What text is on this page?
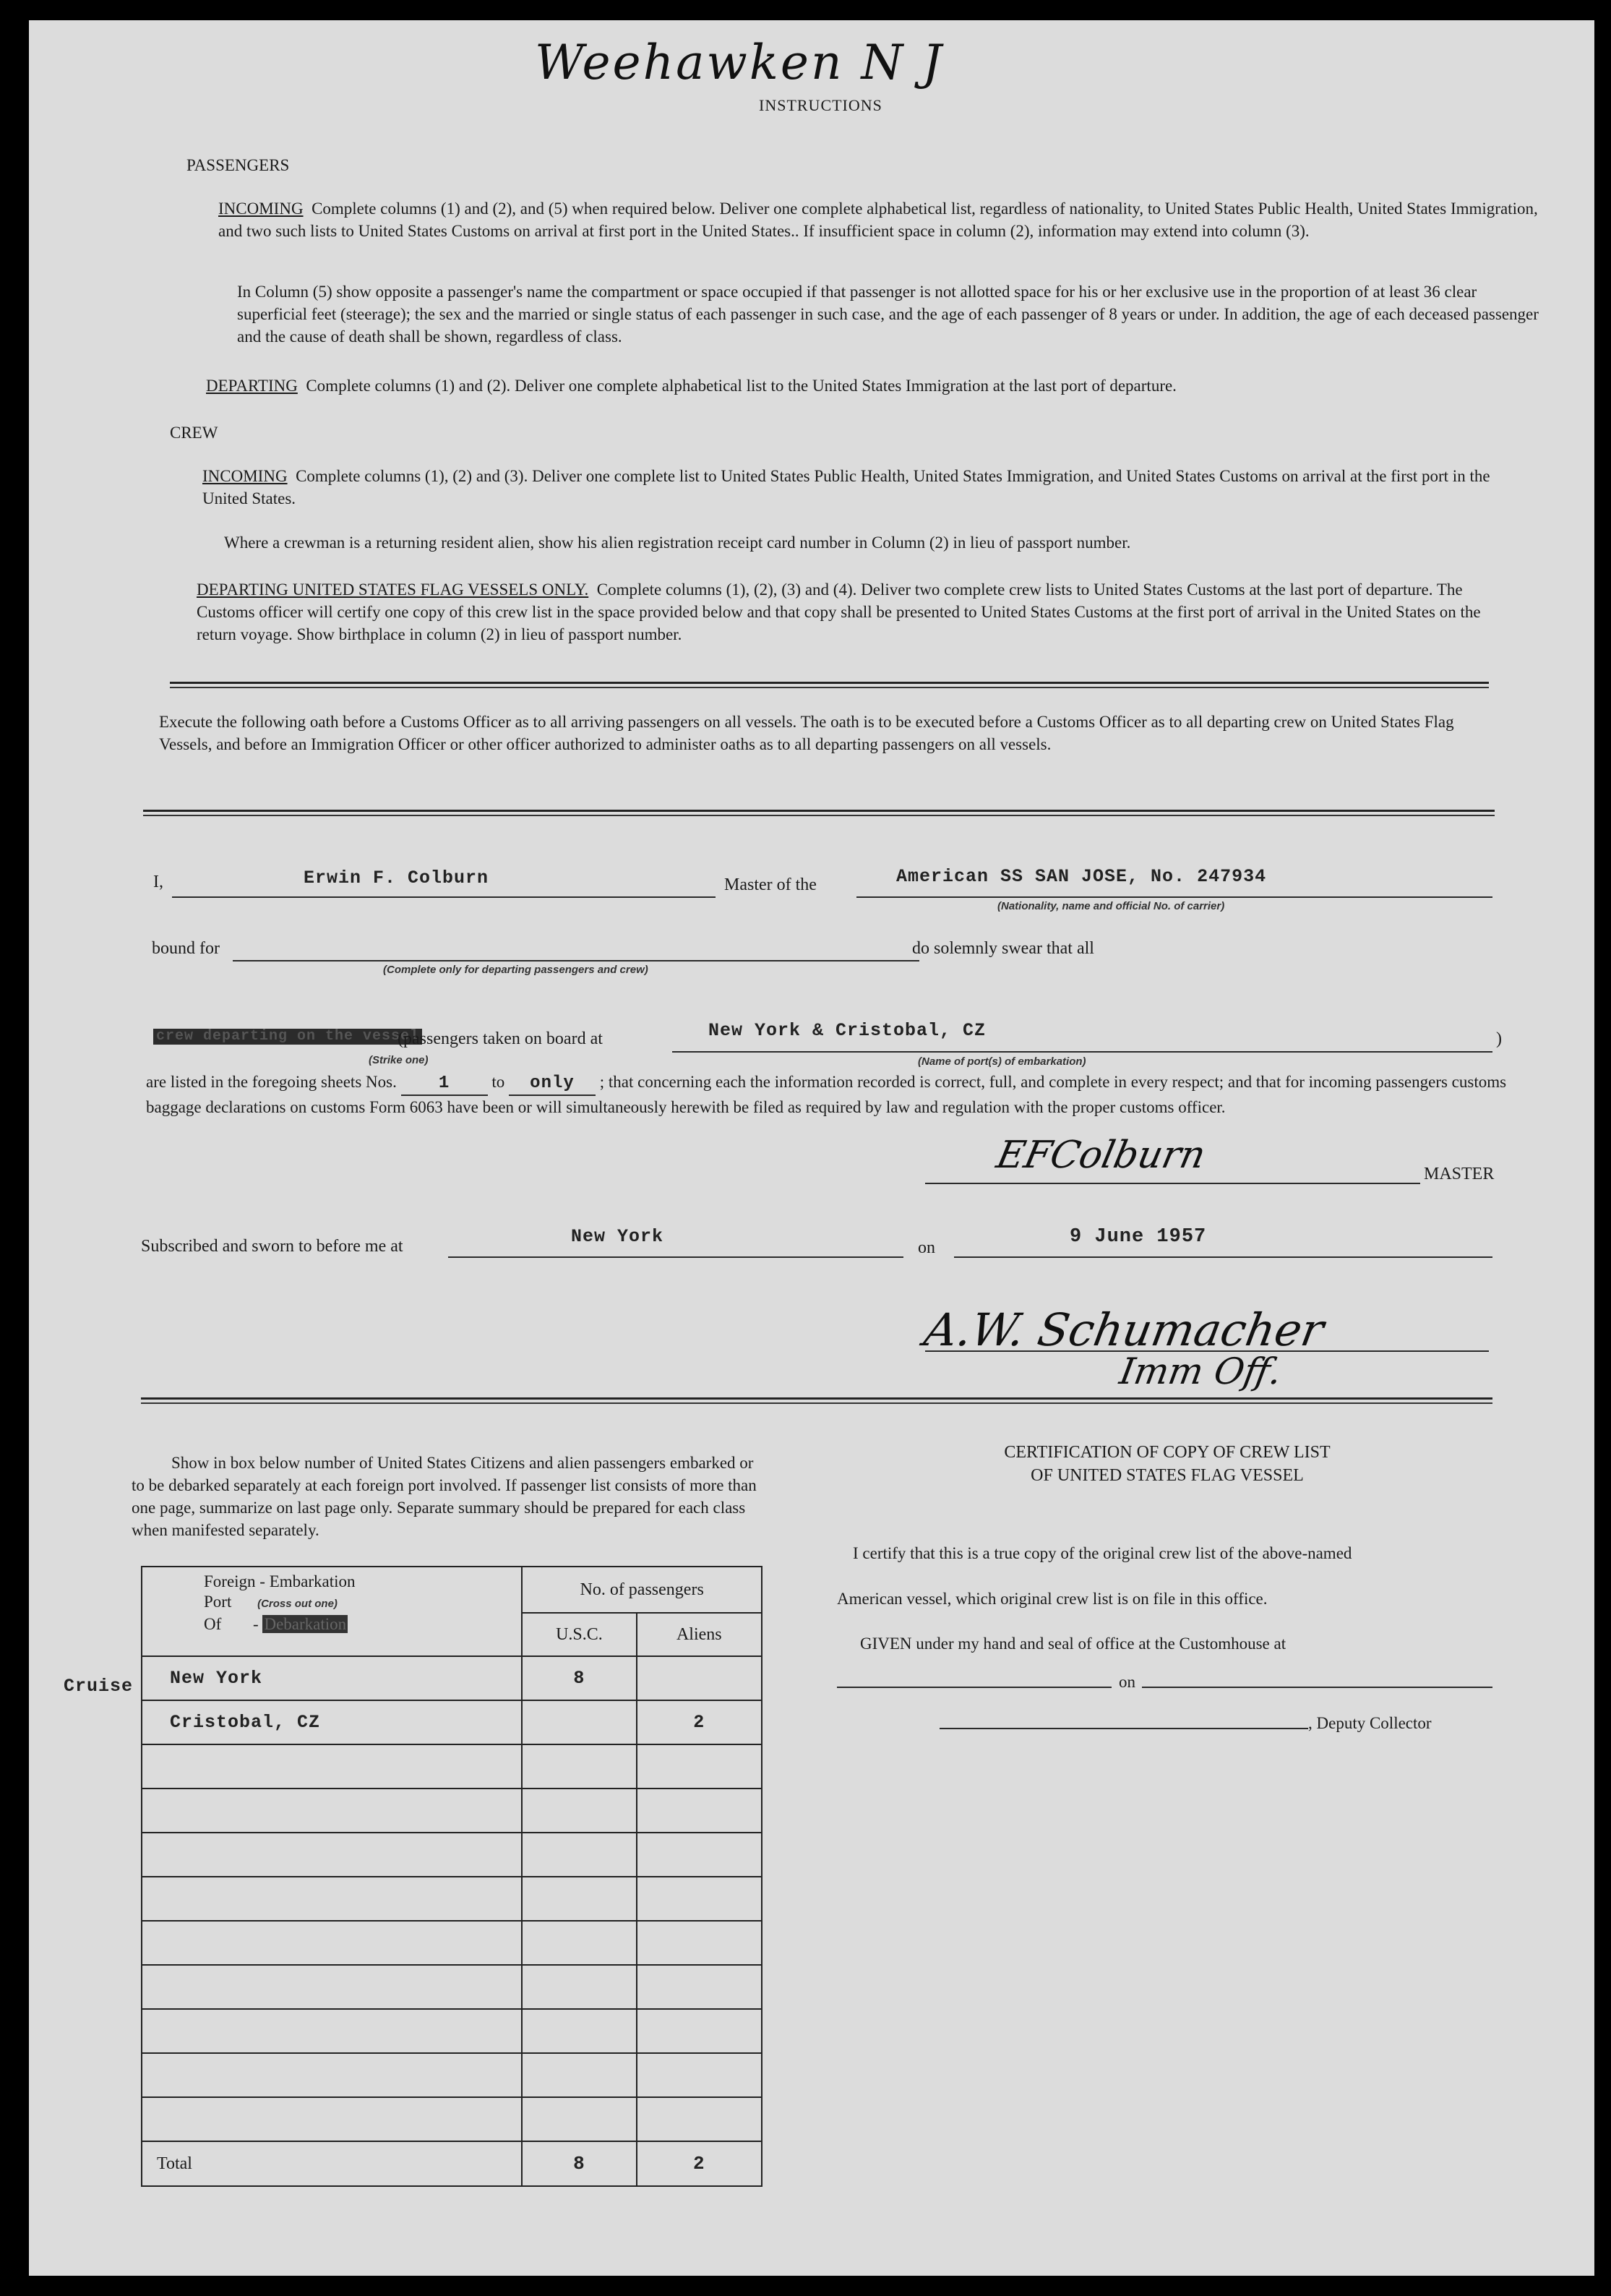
Weehawken N J
INSTRUCTIONS
PASSENGERS
INCOMING Complete columns (1) and (2), and (5) when required below. Deliver one complete alphabetical list, regardless of nationality, to United States Public Health, United States Immigration, and two such lists to United States Customs on arrival at first port in the United States.. If insufficient space in column (2), information may extend into column (3).
In Column (5) show opposite a passenger's name the compartment or space occupied if that passenger is not allotted space for his or her exclusive use in the proportion of at least 36 clear superficial feet (steerage); the sex and the married or single status of each passenger in such case, and the age of each passenger of 8 years or under. In addition, the age of each deceased passenger and the cause of death shall be shown, regardless of class.
DEPARTING Complete columns (1) and (2). Deliver one complete alphabetical list to the United States Immigration at the last port of departure.
CREW
INCOMING Complete columns (1), (2) and (3). Deliver one complete list to United States Public Health, United States Immigration, and United States Customs on arrival at the first port in the United States.
Where a crewman is a returning resident alien, show his alien registration receipt card number in Column (2) in lieu of passport number.
DEPARTING UNITED STATES FLAG VESSELS ONLY. Complete columns (1), (2), (3) and (4). Deliver two complete crew lists to United States Customs at the last port of departure. The Customs officer will certify one copy of this crew list in the space provided below and that copy shall be presented to United States Customs at the first port of arrival in the United States on the return voyage. Show birthplace in column (2) in lieu of passport number.
Execute the following oath before a Customs Officer as to all arriving passengers on all vessels. The oath is to be executed before a Customs Officer as to all departing crew on United States Flag Vessels, and before an Immigration Officer or other officer authorized to administer oaths as to all departing passengers on all vessels.
I,	Erwin F. Colburn	Master of the	American SS SAN JOSE, No. 247934
(Nationality, name and official No. of carrier)
bound for
(Complete only for departing passengers and crew)
do solemnly swear that all
crew departing on the vessel
(passengers taken on board at	New York & Cristobal, CZ	)
(Strike one)	(Name of port(s) of embarkation)
are listed in the foregoing sheets Nos. 1	to only ; that concerning each the information recorded is correct, full, and complete in every respect; and that for incoming passengers customs baggage declarations on customs Form 6063 have been or will simultaneously herewith be filed as required by law and regulation with the proper customs officer.
EFColburn	MASTER
Subscribed and sworn to before me at	New York
on	9 June 1957
A.W. Schumacher
Imm Off.
Show in box below number of United States Citizens and alien passengers embarked or to be debarked separately at each foreign port involved. If passenger list consists of more than one page, summarize on last page only. Separate summary should be prepared for each class when manifested separately.
Foreign - Embarkation
Port (Cross out one)
Of - Debarkation	No. of passengers	
	U.S.C.	Aliens
New York	8	
Cristobal, CZ		2

Total	8	2
Cruise
CERTIFICATION OF COPY OF CREW LIST
OF UNITED STATES FLAG VESSEL
I certify that this is a true copy of the original crew list of the above-named
American vessel, which original crew list is on file in this office.
GIVEN under my hand and seal of office at the Customhouse at
on
, Deputy Collector
